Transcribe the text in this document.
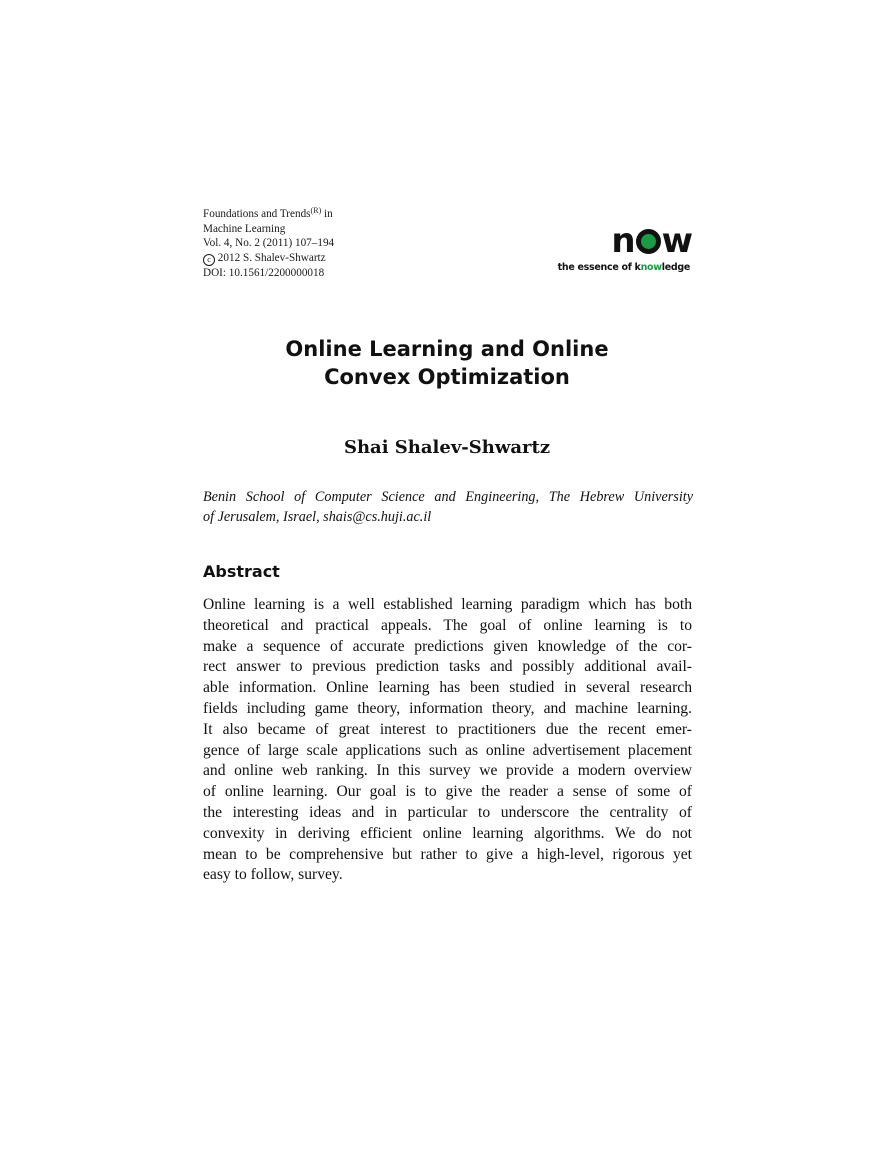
Foundations and Trends$^{(R)}$ in
Machine Learning
Vol. 4, No. 2 (2011) 107–194
c 2012 S. Shalev-Shwartz
DOI: 10.1561/2200000018
n w
the essence of knowledge
Online Learning and Online
Convex Optimization
Shai Shalev-Shwartz
Benin School of Computer Science and Engineering, The Hebrew University
of Jerusalem, Israel, shais@cs.huji.ac.il
Abstract
Online learning is a well established learning paradigm which has both
theoretical and practical appeals. The goal of online learning is to
make a sequence of accurate predictions given knowledge of the cor-
rect answer to previous prediction tasks and possibly additional avail-
able information. Online learning has been studied in several research
fields including game theory, information theory, and machine learning.
It also became of great interest to practitioners due the recent emer-
gence of large scale applications such as online advertisement placement
and online web ranking. In this survey we provide a modern overview
of online learning. Our goal is to give the reader a sense of some of
the interesting ideas and in particular to underscore the centrality of
convexity in deriving efficient online learning algorithms. We do not
mean to be comprehensive but rather to give a high-level, rigorous yet
easy to follow, survey.
